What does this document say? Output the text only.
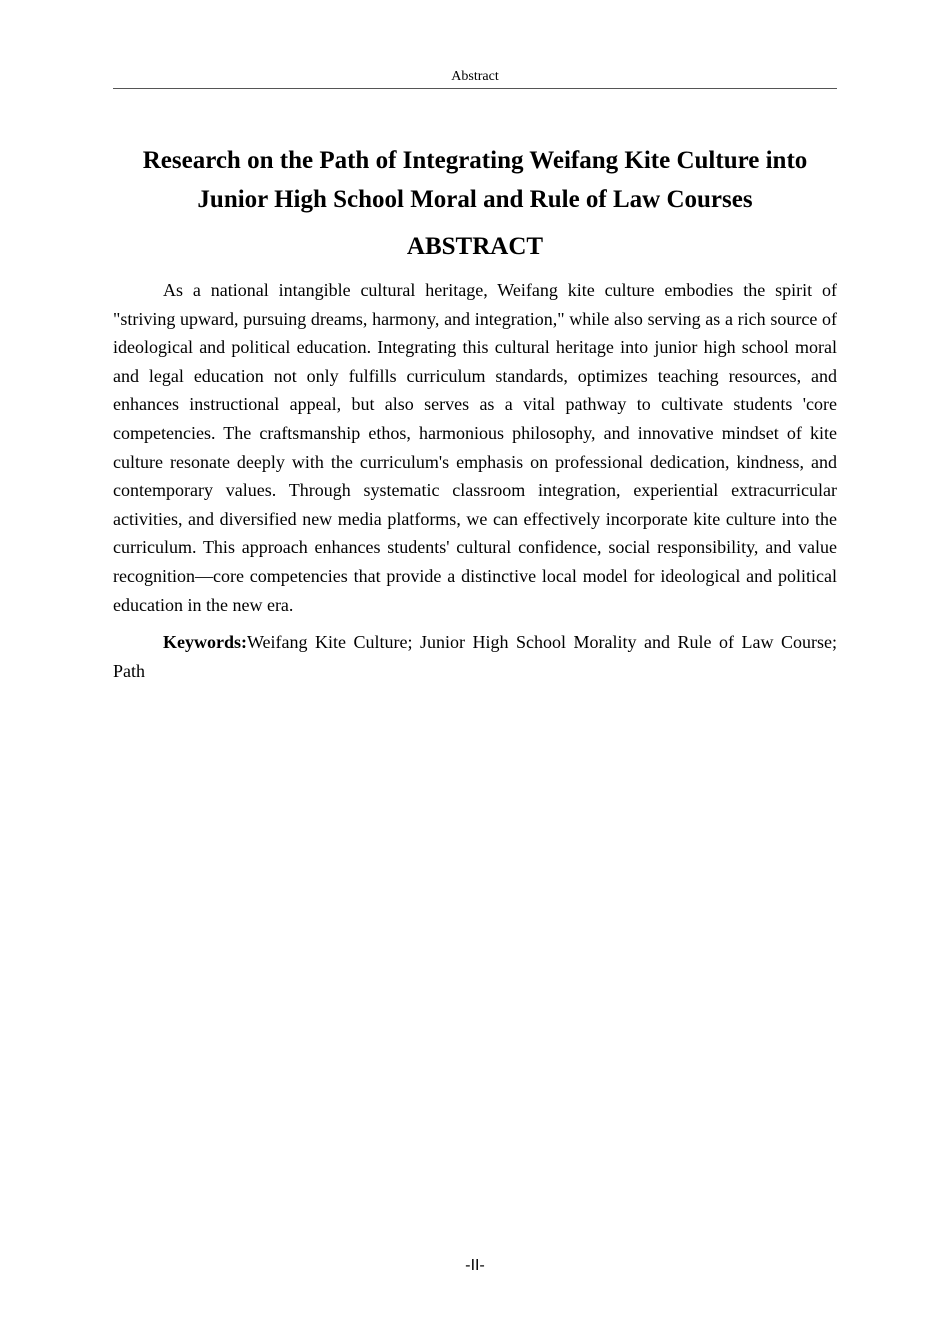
Abstract
Research on the Path of Integrating Weifang Kite Culture into
Junior High School Moral and Rule of Law Courses
ABSTRACT

As a national intangible cultural heritage, Weifang kite culture embodies the spirit of "striving upward, pursuing dreams, harmony, and integration," while also serving as a rich source of ideological and political education. Integrating this cultural heritage into junior high school moral and legal education not only fulfills curriculum standards, optimizes teaching resources, and enhances instructional appeal, but also serves as a vital pathway to cultivate students 'core competencies. The craftsmanship ethos, harmonious philosophy, and innovative mindset of kite culture resonate deeply with the curriculum's emphasis on professional dedication, kindness, and contemporary values. Through systematic classroom integration, experiential extracurricular activities, and diversified new media platforms, we can effectively incorporate kite culture into the curriculum. This approach enhances students' cultural confidence, social responsibility, and value recognition—core competencies that provide a distinctive local model for ideological and political education in the new era.

Keywords:Weifang Kite Culture; Junior High School Morality and Rule of Law Course; Path

-II-
